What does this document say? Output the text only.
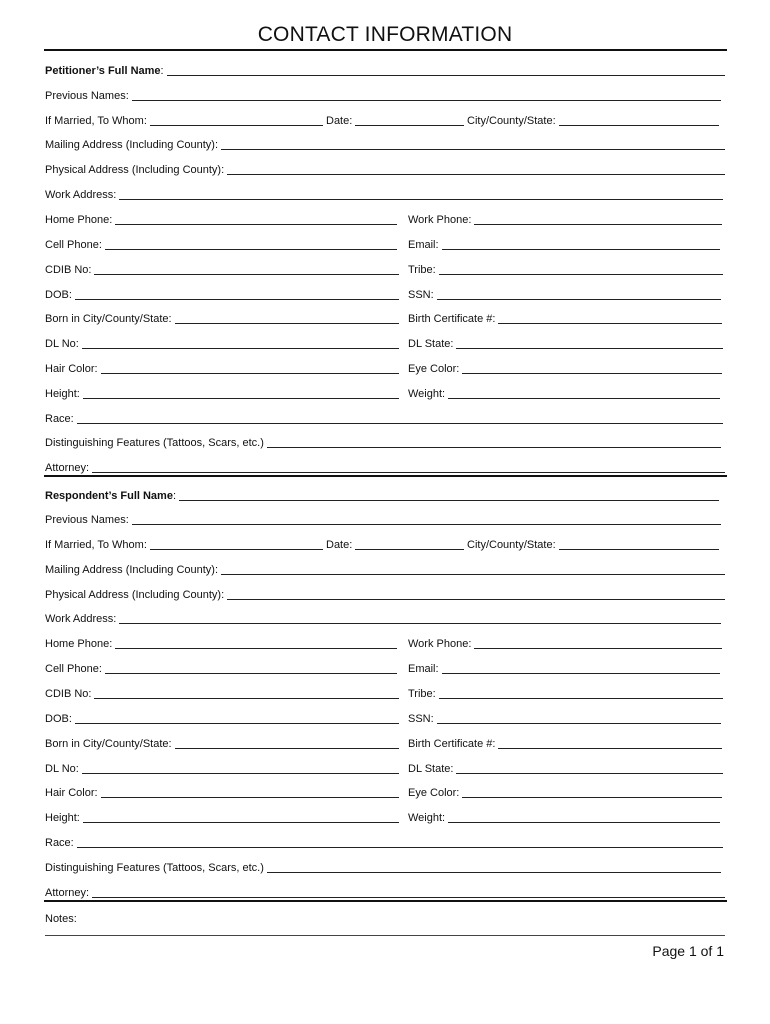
CONTACT INFORMATION
Petitioner’s Full Name :
Previous Names:
If Married, To Whom:	Date:	City/County/State:
Mailing Address (Including County):
Physical Address (Including County):
Work Address:
Home Phone:	Work Phone:
Cell Phone:	Email:
CDIB No:	Tribe:
DOB:	SSN:
Born in City/County/State:	Birth Certificate #:
DL No:	DL State:
Hair Color:	Eye Color:
Height:	Weight:
Race:
Distinguishing Features (Tattoos, Scars, etc.)
Attorney:
Respondent’s Full Name :
Previous Names:
If Married, To Whom:	Date:	City/County/State:
Mailing Address (Including County):
Physical Address (Including County):
Work Address:
Home Phone:	Work Phone:
Cell Phone:	Email:
CDIB No:	Tribe:
DOB:	SSN:
Born in City/County/State:	Birth Certificate #:
DL No:	DL State:
Hair Color:	Eye Color:
Height:	Weight:
Race:
Distinguishing Features (Tattoos, Scars, etc.)
Attorney:
Notes:
Page 1 of 1
